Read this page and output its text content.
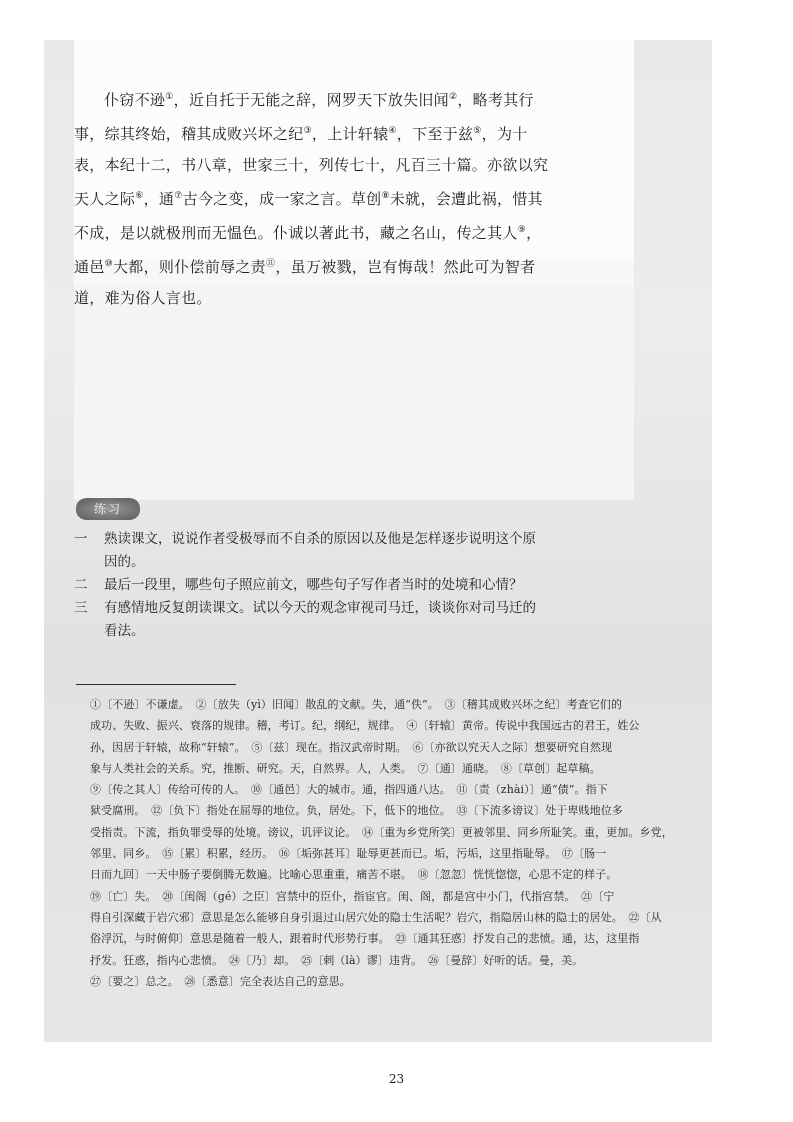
仆窃不逊①，近自托于无能之辞，网罗天下放失旧闻②，略考其行事，综其终始，稽其成败兴坏之纪③，上计轩辕④，下至于兹⑤，为十表，本纪十二，书八章，世家三十，列传七十，凡百三十篇。亦欲以究天人之际⑥，通⑦古今之变，成一家之言。草创⑧未就，会遭此祸，惜其不成，是以就极刑而无愠色。仆诚以著此书，藏之名山，传之其人⑨，通邑⑩大都，则仆偿前辱之责⑪，虽万被戮，岂有悔哉！然此可为智者道，难为俗人言也。

练习
一	熟读课文，说说作者受极辱而不自杀的原因以及他是怎样逐步说明这个原因的。
二	最后一段里，哪些句子照应前文，哪些句子写作者当时的处境和心情？
三	有感情地反复朗读课文。试以今天的观念审视司马迁，谈谈你对司马迁的看法。

①〔不逊〕不谦虚。　②〔放失（yì）旧闻〕散乱的文献。失，通“佚”。　③〔稽其成败兴坏之纪〕考查它们的

成功、失败、振兴、衰落的规律。稽，考订。纪，纲纪，规律。　④〔轩辕〕黄帝。传说中我国远古的君王，姓公

孙，因居于轩辕，故称“轩辕”。　⑤〔兹〕现在。指汉武帝时期。　⑥〔亦欲以究天人之际〕想要研究自然现

象与人类社会的关系。究，推断、研究。天，自然界。人，人类。　⑦〔通〕通晓。　⑧〔草创〕起草稿。

⑨〔传之其人〕传给可传的人。　⑩〔通邑〕大的城市。通，指四通八达。　⑪〔责（zhài）〕通“债”。指下

狱受腐刑。　⑫〔负下〕指处在屈辱的地位。负，居处。下，低下的地位。　⑬〔下流多谤议〕处于卑贱地位多

受指责。下流，指负罪受辱的处境。谤议，讥评议论。　⑭〔重为乡党所笑〕更被邻里、同乡所耻笑。重，更加。乡党，

邻里、同乡。　⑮〔累〕积累，经历。　⑯〔垢弥甚耳〕耻辱更甚而已。垢，污垢，这里指耻辱。　⑰〔肠一

日而九回〕一天中肠子要倒腾无数遍。比喻心思重重，痛苦不堪。　⑱〔忽忽〕恍恍惚惚，心思不定的样子。

⑲〔亡〕失。　⑳〔闺阁（gé）之臣〕宫禁中的臣仆，指宦官。闺、阁，都是宫中小门，代指宫禁。　㉑〔宁

得自引深藏于岩穴邪〕意思是怎么能够自身引退过山居穴处的隐士生活呢？岩穴，指隐居山林的隐士的居处。　㉒〔从

俗浮沉，与时俯仰〕意思是随着一般人，跟着时代形势行事。　㉓〔通其狂惑〕抒发自己的悲愤。通，达，这里指

抒发。狂惑，指内心悲愤。　㉔〔乃〕却。　㉕〔剌（là）谬〕违背。　㉖〔曼辞〕好听的话。曼，美。

㉗〔要之〕总之。　㉘〔悉意〕完全表达自己的意思。

23
